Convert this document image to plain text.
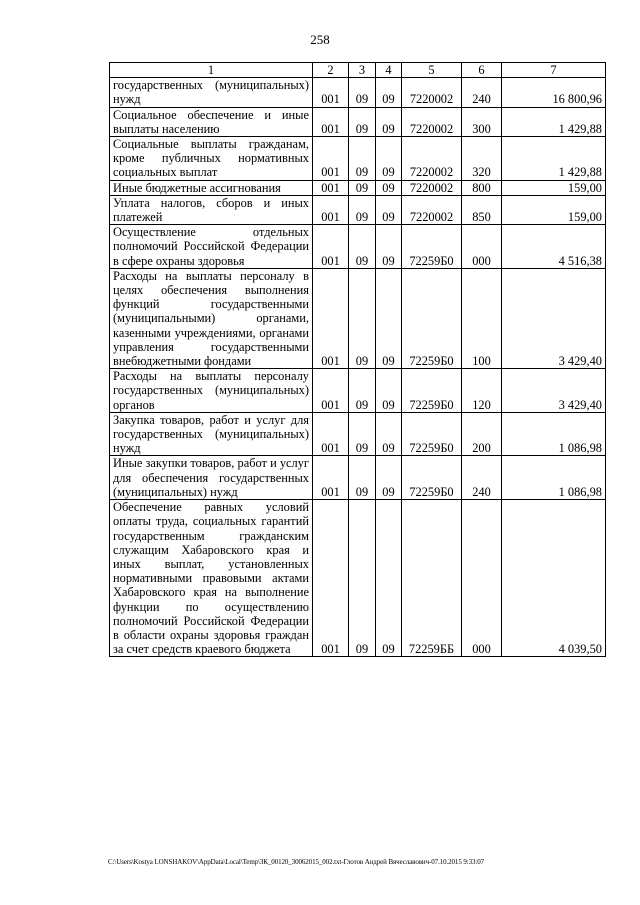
258
1	2	3	4	5	6	7
государственных (муниципальных) нужд	001	09	09	7220002	240	16 800,96
Социальное обеспечение и иные выплаты населению	001	09	09	7220002	300	1 429,88
Социальные выплаты гражданам, кроме публичных нормативных социальных выплат	001	09	09	7220002	320	1 429,88
Иные бюджетные ассигнования	001	09	09	7220002	800	159,00
Уплата налогов, сборов и иных платежей	001	09	09	7220002	850	159,00
Осуществление отдельных полномочий Российской Федерации в сфере охраны здоровья	001	09	09	72259Б0	000	4 516,38
Расходы на выплаты персоналу в целях обеспечения выполнения функций государственными (муниципальными) органами, казенными учреждениями, органами управления государственными внебюджетными фондами	001	09	09	72259Б0	100	3 429,40
Расходы на выплаты персоналу государственных (муниципальных) органов	001	09	09	72259Б0	120	3 429,40
Закупка товаров, работ и услуг для государственных (муниципальных) нужд	001	09	09	72259Б0	200	1 086,98
Иные закупки товаров, работ и услуг для обеспечения государственных (муниципальных) нужд	001	09	09	72259Б0	240	1 086,98
Обеспечение равных условий оплаты труда, социальных гарантий государственным гражданским служащим Хабаровского края и иных выплат, установленных нормативными правовыми актами Хабаровского края на выполнение функции по осуществлению полномочий Российской Федерации в области охраны здоровья граждан за счет средств краевого бюджета	001	09	09	72259ББ	000	4 039,50
C:\Users\Kostya LONSHAKOV\AppData\Local\Temp\ЗК_00120_30062015_002.txt-Глотов Андрей Вячеславович-07.10.2015 9:33:07
